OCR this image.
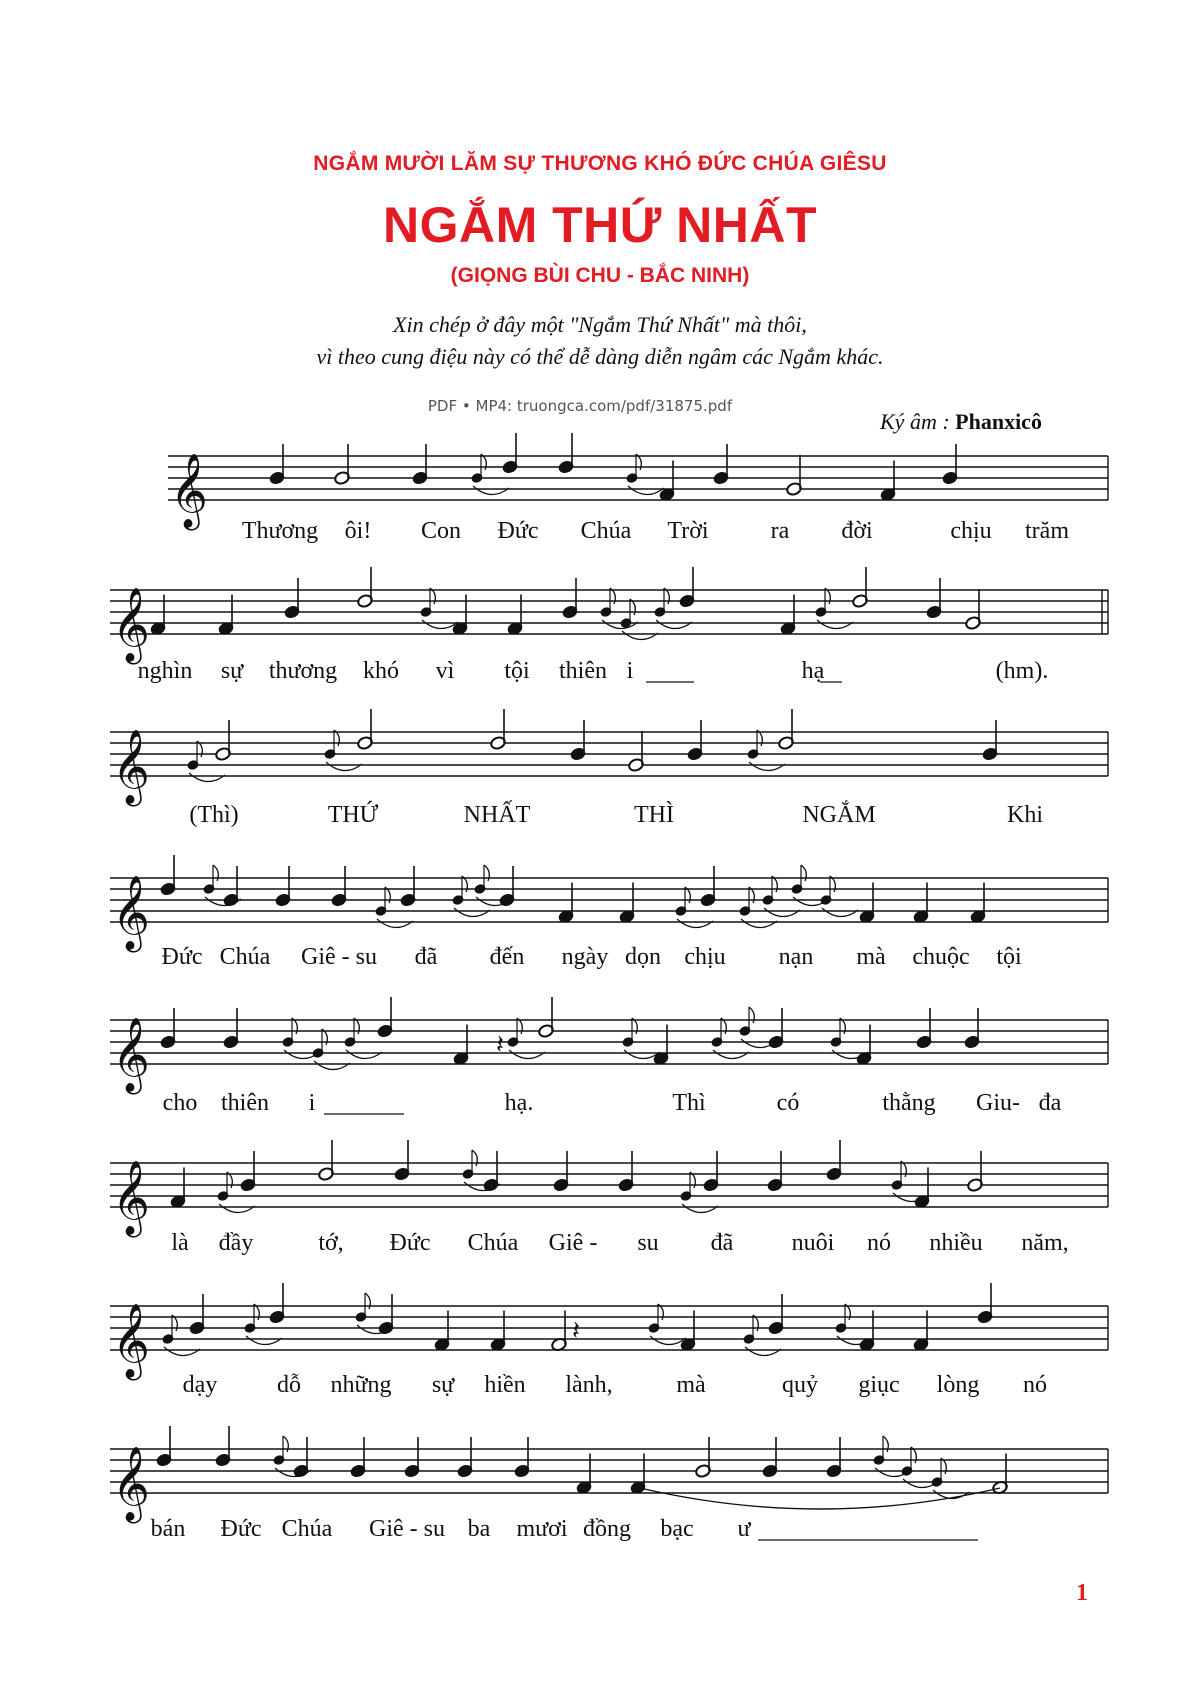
NGẮM MƯỜI LĂM SỰ THƯƠNG KHÓ ĐỨC CHÚA GIÊSU
NGẮM THỨ NHẤT
(GIỌNG BÙI CHU - BẮC NINH)
Xin chép ở đây một "Ngắm Thứ Nhất" mà thôi,
vì theo cung điệu này có thể dễ dàng diễn ngâm các Ngắm khác.
PDF • MP4: truongca.com/pdf/31875.pdf
Ký âm : Phanxicô
𝄞
𝄞
𝄞
𝄞
𝄞	𝄽
𝄞
𝄞	𝄽
𝄞
Thương ôi! Con Đức Chúa Trời	ra đời	chịu trăm
nghìn sự thương khó vì tội thiên i	hạ	(hm).
(Thì)	THỨ	NHẤT	THÌ	NGẮM	Khi
Đức Chúa Giê - su đã đến ngày dọn chịu nạn mà chuộc tội
cho thiên i	hạ.	Thì	có	thằng Giu- đa
là đầy	tớ, Đức Chúa Giê - su đã nuôi nó nhiều năm,
dạy dỗ những sự hiền lành,	mà	quỷ giục lòng nó
bán Đức Chúa Giê - su ba mươi đồng bạc ư
1
